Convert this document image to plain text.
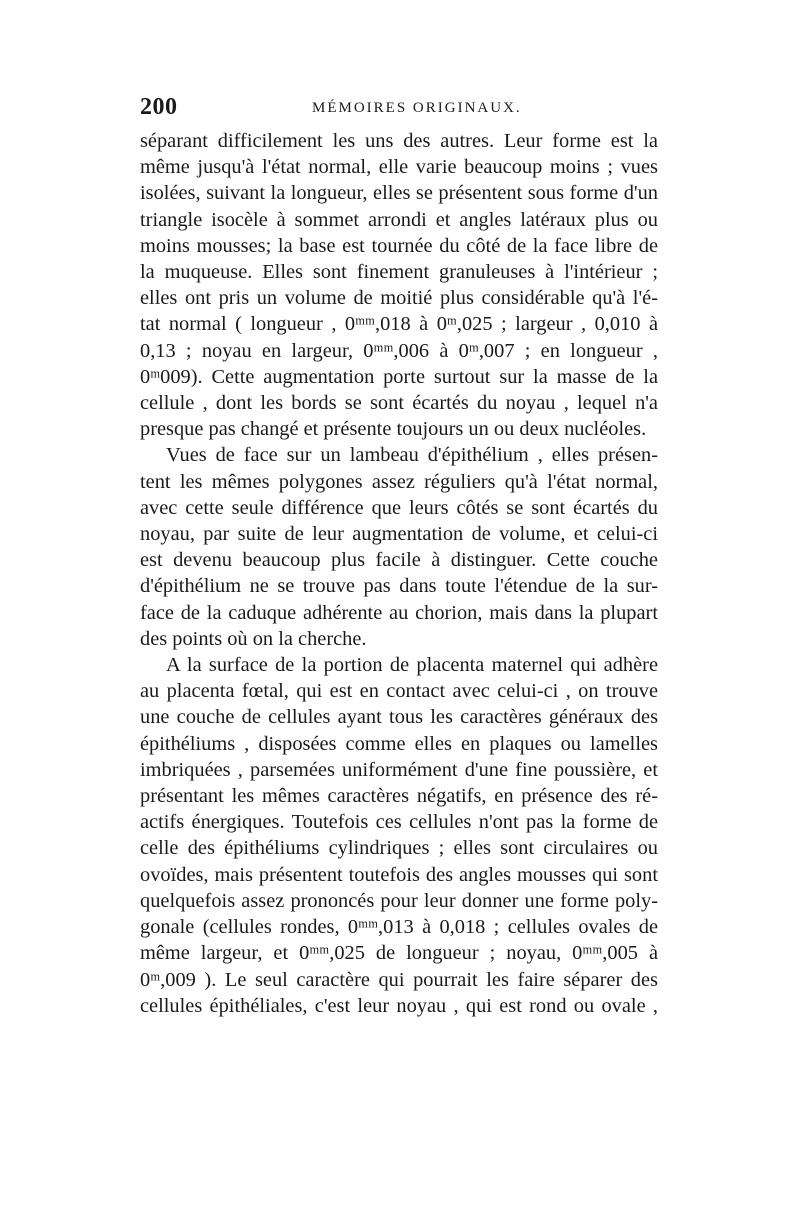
200	MÉMOIRES ORIGINAUX.

séparant difficilement les uns des autres. Leur forme est la
même jusqu'à l'état normal, elle varie beaucoup moins ; vues
isolées, suivant la longueur, elles se présentent sous forme d'un
triangle isocèle à sommet arrondi et angles latéraux plus ou
moins mousses; la base est tournée du côté de la face libre de
la muqueuse. Elles sont finement granuleuses à l'intérieur ;
elles ont pris un volume de moitié plus considérable qu'à l'é-
tat normal ( longueur , 0ᵐᵐ,018 à 0ᵐ,025 ; largeur , 0,010 à
0,13 ; noyau en largeur, 0ᵐᵐ,006 à 0ᵐ,007 ; en longueur ,
0ᵐ009). Cette augmentation porte surtout sur la masse de la
cellule , dont les bords se sont écartés du noyau , lequel n'a
presque pas changé et présente toujours un ou deux nucléoles.

Vues de face sur un lambeau d'épithélium , elles présen-
tent les mêmes polygones assez réguliers qu'à l'état normal,
avec cette seule différence que leurs côtés se sont écartés du
noyau, par suite de leur augmentation de volume, et celui-ci
est devenu beaucoup plus facile à distinguer. Cette couche
d'épithélium ne se trouve pas dans toute l'étendue de la sur-
face de la caduque adhérente au chorion, mais dans la plupart
des points où on la cherche.

A la surface de la portion de placenta maternel qui adhère
au placenta fœtal, qui est en contact avec celui-ci , on trouve
une couche de cellules ayant tous les caractères généraux des
épithéliums , disposées comme elles en plaques ou lamelles
imbriquées , parsemées uniformément d'une fine poussière, et
présentant les mêmes caractères négatifs, en présence des ré-
actifs énergiques. Toutefois ces cellules n'ont pas la forme de
celle des épithéliums cylindriques ; elles sont circulaires ou
ovoïdes, mais présentent toutefois des angles mousses qui sont
quelquefois assez prononcés pour leur donner une forme poly-
gonale (cellules rondes, 0ᵐᵐ,013 à 0,018 ; cellules ovales de
même largeur, et 0ᵐᵐ,025 de longueur ; noyau, 0ᵐᵐ,005 à
0ᵐ,009 ). Le seul caractère qui pourrait les faire séparer des
cellules épithéliales, c'est leur noyau , qui est rond ou ovale ,
